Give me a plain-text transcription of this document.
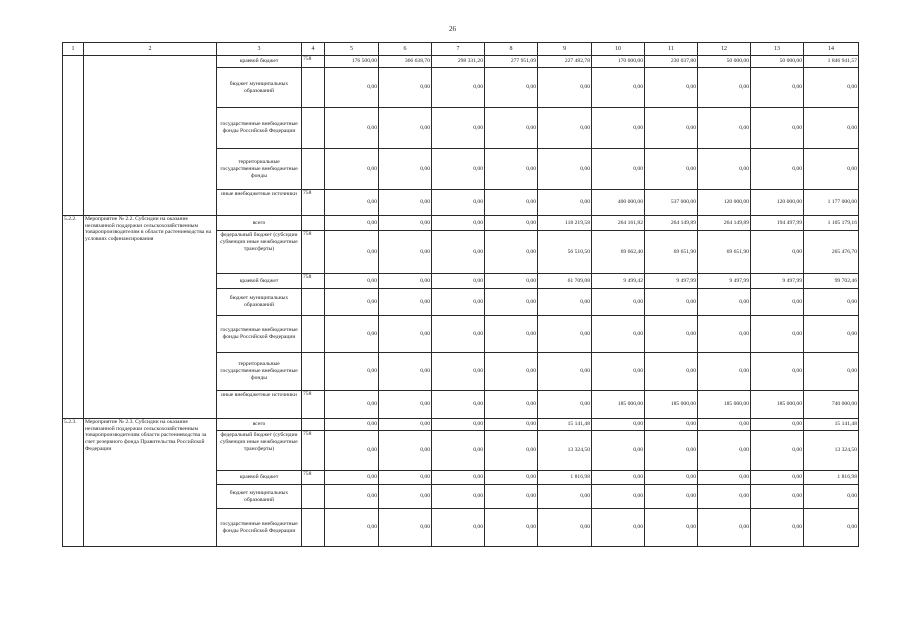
26
1	2	3	4	5	6	7	8	9	10	11	12	13	14
		краевой бюджет	758	176 500,00	366 638,70	298 331,20	277 951,09	227 482,78	170 000,00	230 037,80	50 000,00	50 000,00	1 846 941,57
		бюджет муниципальных образований		0,00	0,00	0,00	0,00	0,00	0,00	0,00	0,00	0,00	0,00
		государственные внебюджетные фонды Российской Федерации		0,00	0,00	0,00	0,00	0,00	0,00	0,00	0,00	0,00	0,00
		территориальные государственные внебюджетные фонды		0,00	0,00	0,00	0,00	0,00	0,00	0,00	0,00	0,00	0,00
		иные внебюджетные источники	758	0,00	0,00	0,00	0,00	0,00	400 000,00	537 000,00	120 000,00	120 000,00	1 177 000,00
5.2.2.	Мероприятие № 2.2. Субсидии на оказание несвязанной поддержки сельскохозяйственным товаропроизводителям в области растениеводства на условиях софинансирования	всего		0,00	0,00	0,00	0,00	118 219,58	264 161,82	264 149,89	264 149,89	194 497,99	1 105 179,16
		федеральный бюджет (субсидии субвенции иные межбюджетные трансферты)	758	0,00	0,00	0,00	0,00	56 510,50	69 662,40	69 651,90	69 651,90	0,00	265 476,70
		краевой бюджет	758	0,00	0,00	0,00	0,00	61 709,08	9 499,42	9 497,99	9 497,99	9 497,99	99 702,46
		бюджет муниципальных образований		0,00	0,00	0,00	0,00	0,00	0,00	0,00	0,00	0,00	0,00
		государственные внебюджетные фонды Российской Федерации		0,00	0,00	0,00	0,00	0,00	0,00	0,00	0,00	0,00	0,00
		территориальные государственные внебюджетные фонды		0,00	0,00	0,00	0,00	0,00	0,00	0,00	0,00	0,00	0,00
		иные внебюджетные источники	758	0,00	0,00	0,00	0,00	0,00	185 000,00	185 000,00	185 000,00	185 000,00	740 000,00
5.2.3.	Мероприятие № 2.3. Субсидии на оказание несвязанной поддержки сельскохозяйственным товаропроизводителям области растениеводства за счет резервного фонда Правительства Российской Федерации	всего		0,00	0,00	0,00	0,00	15 141,48	0,00	0,00	0,00	0,00	15 141,48
		федеральный бюджет (субсидии субвенции иные межбюджетные трансферты)	758	0,00	0,00	0,00	0,00	13 324,50	0,00	0,00	0,00	0,00	13 324,50
		краевой бюджет	758	0,00	0,00	0,00	0,00	1 816,98	0,00	0,00	0,00	0,00	1 816,98
		бюджет муниципальных образований		0,00	0,00	0,00	0,00	0,00	0,00	0,00	0,00	0,00	0,00
		государственные внебюджетные фонды Российской Федерации		0,00	0,00	0,00	0,00	0,00	0,00	0,00	0,00	0,00	0,00
